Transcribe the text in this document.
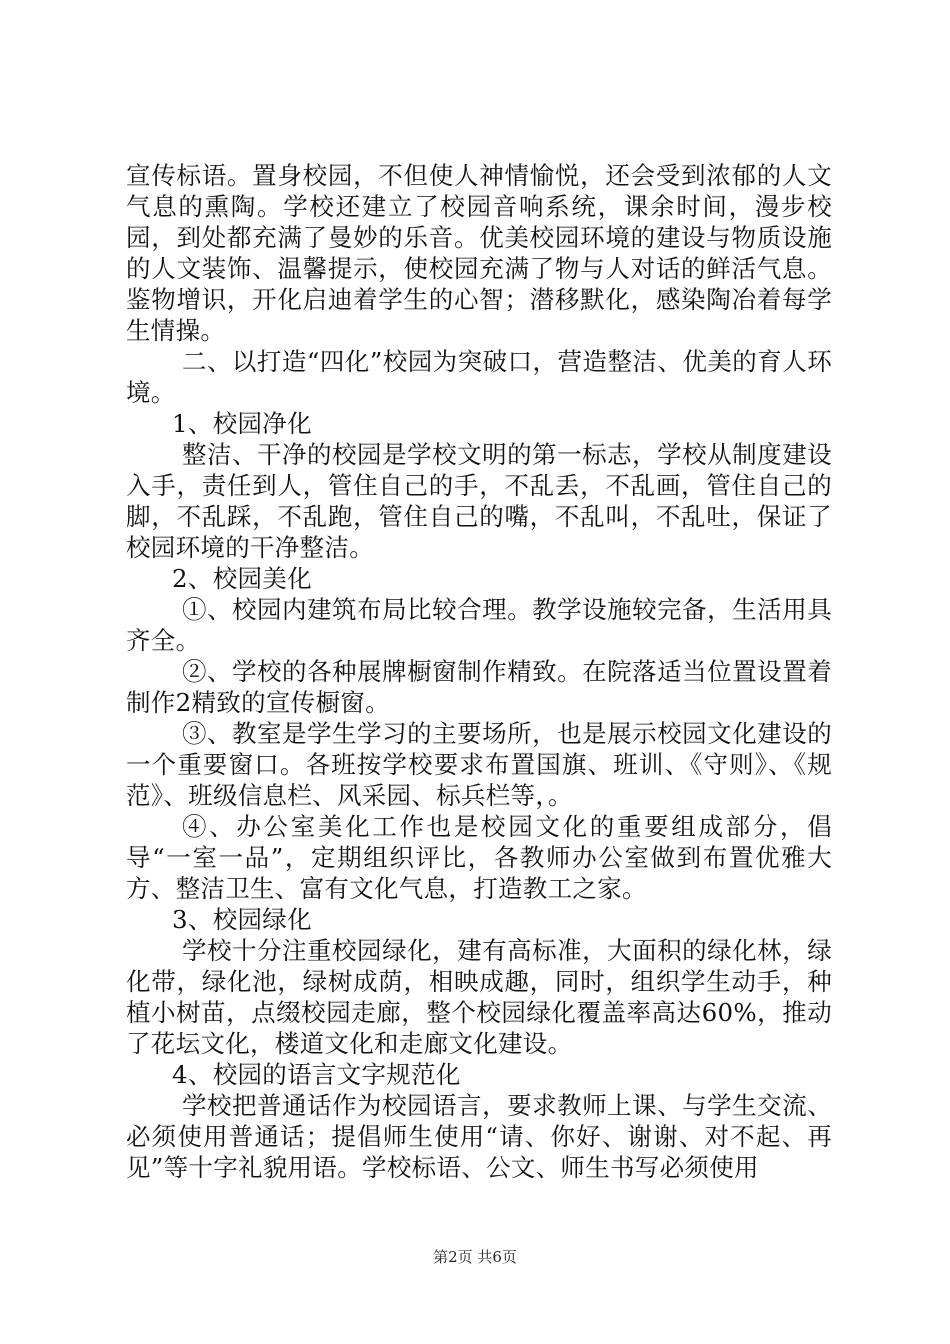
宣传标语。置身校园，不但使人神情愉悦，还会受到浓郁的人文气息的熏陶。学校还建立了校园音响系统，课余时间，漫步校园，到处都充满了曼妙的乐音。优美校园环境的建设与物质设施的人文装饰、温馨提示，使校园充满了物与人对话的鲜活气息。鉴物增识，开化启迪着学生的心智；潜移默化，感染陶冶着每学生情操。

二、以打造“四化”校园为突破口，营造整洁、优美的育人环境。

1、校园净化

整洁、干净的校园是学校文明的第一标志，学校从制度建设入手，责任到人，管住自己的手，不乱丢，不乱画，管住自己的脚，不乱踩，不乱跑，管住自己的嘴，不乱叫，不乱吐，保证了校园环境的干净整洁。

2、校园美化

①、校园内建筑布局比较合理。教学设施较完备，生活用具齐全。

②、学校的各种展牌橱窗制作精致。在院落适当位置设置着制作2精致的宣传橱窗。

③、教室是学生学习的主要场所，也是展示校园文化建设的一个重要窗口。各班按学校要求布置国旗、班训、《守则》、《规范》、班级信息栏、风采园、标兵栏等，。

④、办公室美化工作也是校园文化的重要组成部分，倡导“一室一品”，定期组织评比，各教师办公室做到布置优雅大方、整洁卫生、富有文化气息，打造教工之家。

3、校园绿化

学校十分注重校园绿化，建有高标准，大面积的绿化林，绿化带，绿化池，绿树成荫，相映成趣，同时，组织学生动手，种植小树苗，点缀校园走廊，整个校园绿化覆盖率高达60%，推动了花坛文化，楼道文化和走廊文化建设。

4、校园的语言文字规范化

学校把普通话作为校园语言，要求教师上课、与学生交流、必须使用普通话；提倡师生使用“请、你好、谢谢、对不起、再见”等十字礼貌用语。学校标语、公文、师生书写必须使用

第2页 共6页
